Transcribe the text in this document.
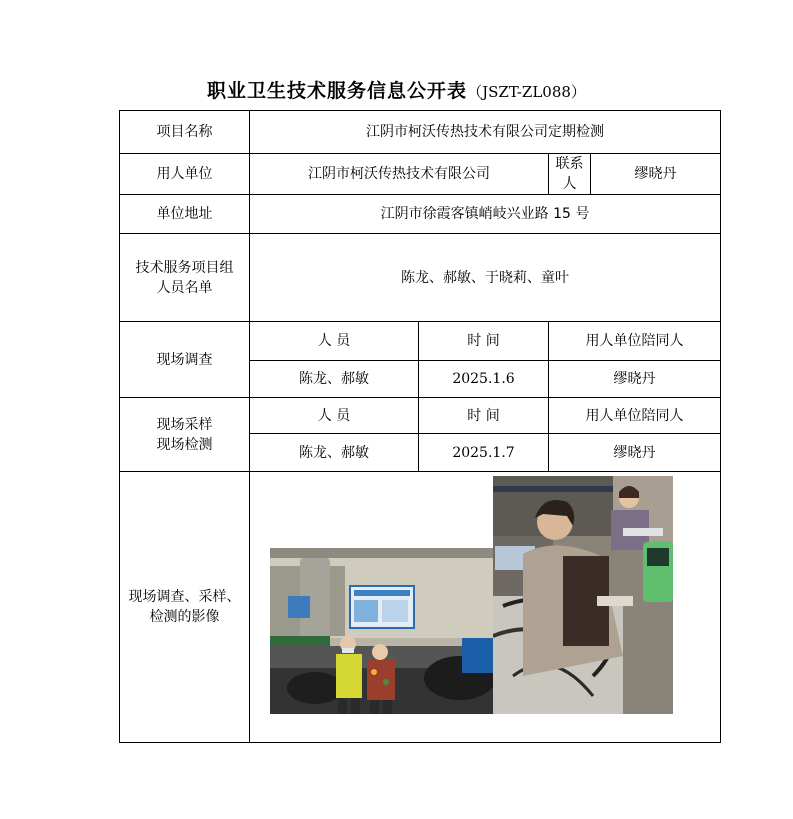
职业卫生技术服务信息公开表（JSZT-ZL088）
项目名称	江阴市柯沃传热技术有限公司定期检测			
用人单位	江阴市柯沃传热技术有限公司		联系人	缪晓丹
单位地址	江阴市徐霞客镇峭岐兴业路 15 号			

技术服务项目组
人员名单	陈龙、郝敏、于晓莉、童叶			
现场调查	人 员	时 间	用人单位陪同人	
	陈龙、郝敏	2025.1.6	缪晓丹	

现场采样
现场检测	人 员	时 间	用人单位陪同人	
	陈龙、郝敏	2025.1.7	缪晓丹	

现场调查、采样、
检测的影像
